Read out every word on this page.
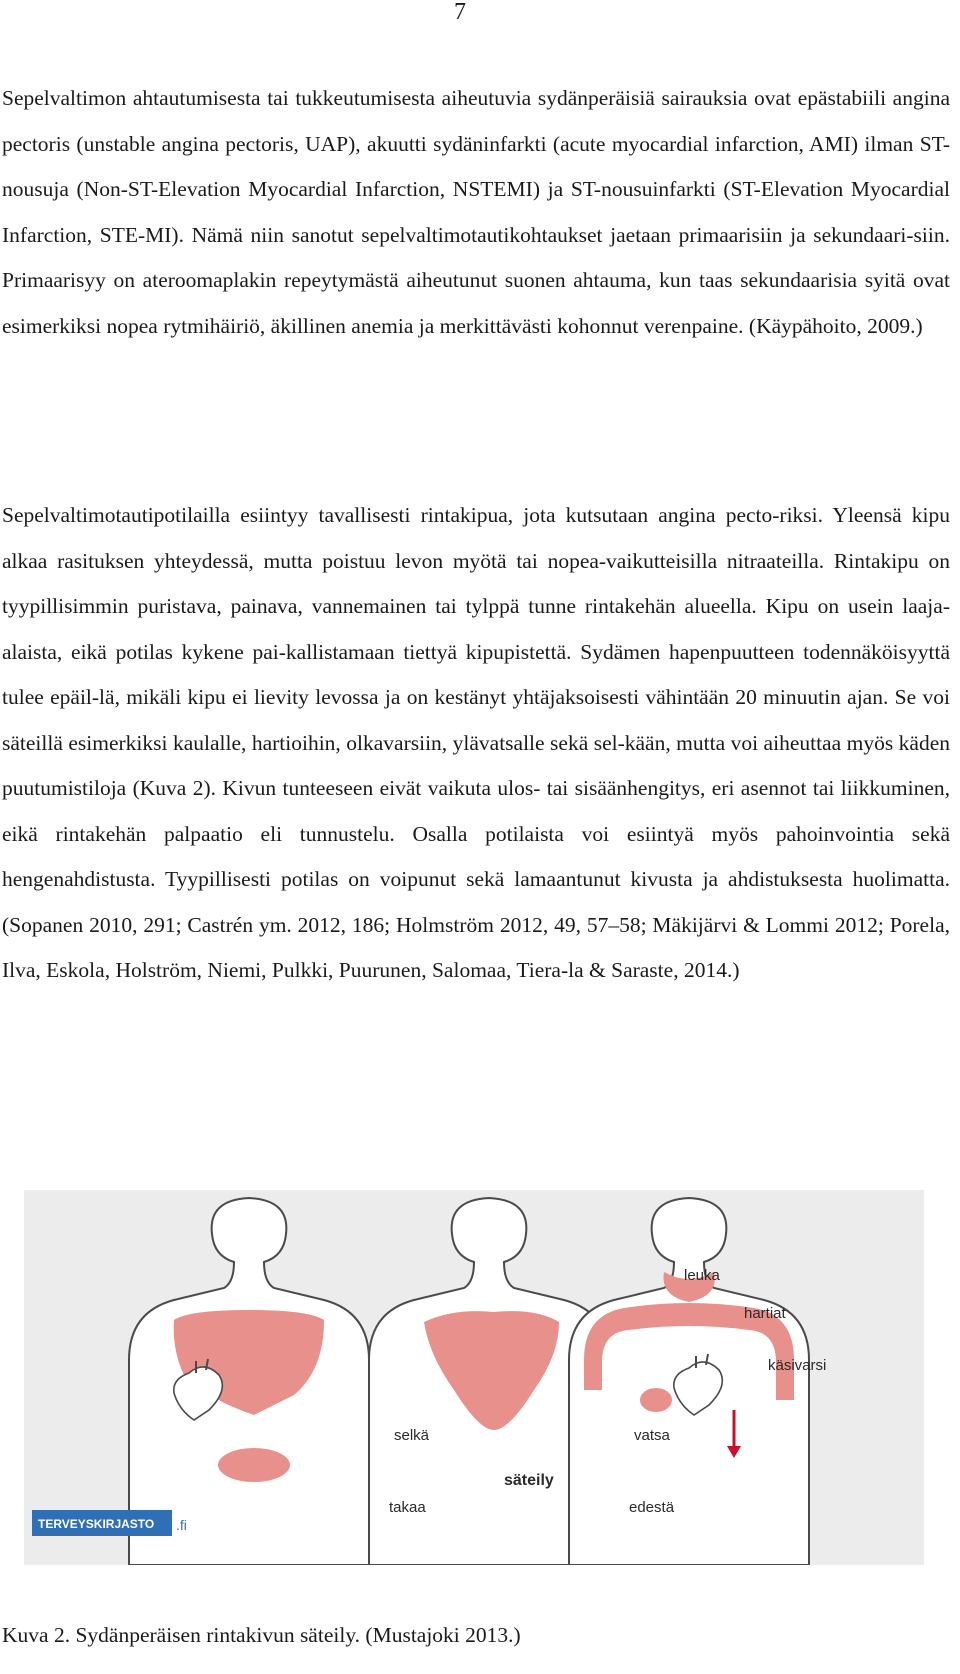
7

Sepelvaltimon ahtautumisesta tai tukkeutumisesta aiheutuvia sydänperäisiä sairauksia ovat epästabiili angina pectoris (unstable angina pectoris, UAP), akuutti sydäninfarkti (acute myocardial infarction, AMI) ilman ST-nousuja (Non-ST-Elevation Myocardial Infarction, NSTEMI) ja ST-nousuinfarkti (ST-Elevation Myocardial Infarction, STE-MI). Nämä niin sanotut sepelvaltimotautikohtaukset jaetaan primaarisiin ja sekundaari-siin. Primaarisyy on ateroomaplakin repeytymästä aiheutunut suonen ahtauma, kun taas sekundaarisia syitä ovat esimerkiksi nopea rytmihäiriö, äkillinen anemia ja merkittävästi kohonnut verenpaine. (Käypähoito, 2009.)

Sepelvaltimotautipotilailla esiintyy tavallisesti rintakipua, jota kutsutaan angina pecto-riksi. Yleensä kipu alkaa rasituksen yhteydessä, mutta poistuu levon myötä tai nopea-vaikutteisilla nitraateilla. Rintakipu on tyypillisimmin puristava, painava, vannemainen tai tylppä tunne rintakehän alueella. Kipu on usein laaja-alaista, eikä potilas kykene pai-kallistamaan tiettyä kipupistettä. Sydämen hapenpuutteen todennäköisyyttä tulee epäil-lä, mikäli kipu ei lievity levossa ja on kestänyt yhtäjaksoisesti vähintään 20 minuutin ajan. Se voi säteillä esimerkiksi kaulalle, hartioihin, olkavarsiin, ylävatsalle sekä sel-kään, mutta voi aiheuttaa myös käden puutumistiloja (Kuva 2). Kivun tunteeseen eivät vaikuta ulos- tai sisäänhengitys, eri asennot tai liikkuminen, eikä rintakehän palpaatio eli tunnustelu. Osalla potilaista voi esiintyä myös pahoinvointia sekä hengenahdistusta. Tyypillisesti potilas on voipunut sekä lamaantunut kivusta ja ahdistuksesta huolimatta. (Sopanen 2010, 291; Castrén ym. 2012, 186; Holmström 2012, 49, 57–58; Mäkijärvi & Lommi 2012; Porela, Ilva, Eskola, Holström, Niemi, Pulkki, Puurunen, Salomaa, Tiera-la & Saraste, 2014.)

selkä
takaa
vatsa
edestä
leuka
hartiat
käsivarsi
säteily
TERVEYSKIRJASTO .fi

Kuva 2. Sydänperäisen rintakivun säteily. (Mustajoki 2013.)
